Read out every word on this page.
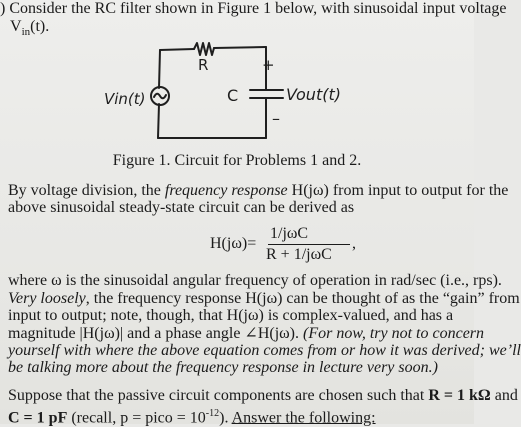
) Consider the RC filter shown in Figure 1 below, with sinusoidal input voltage
$V_{in}(t)$.
R
C
+
–
Vin(t)	Vout(t)
Figure 1. Circuit for Problems 1 and 2.
By voltage division, the frequency response H(jω) from input to output for the
above sinusoidal steady-state circuit can be derived as
H(jω)=
1/jωC
R + 1/jωC
,
where ω is the sinusoidal angular frequency of operation in rad/sec (i.e., rps).
Very loosely, the frequency response H(jω) can be thought of as the “gain” from
input to output; note, though, that H(jω) is complex-valued, and has a
magnitude |H(jω)| and a phase angle ∠H(jω). (For now, try not to concern
yourself with where the above equation comes from or how it was derived; we’ll
be talking more about the frequency response in lecture very soon.)
Suppose that the passive circuit components are chosen such that R = 1 kΩ and
C = 1 pF (recall, p = pico = $10^{-12}$). Answer the following:
